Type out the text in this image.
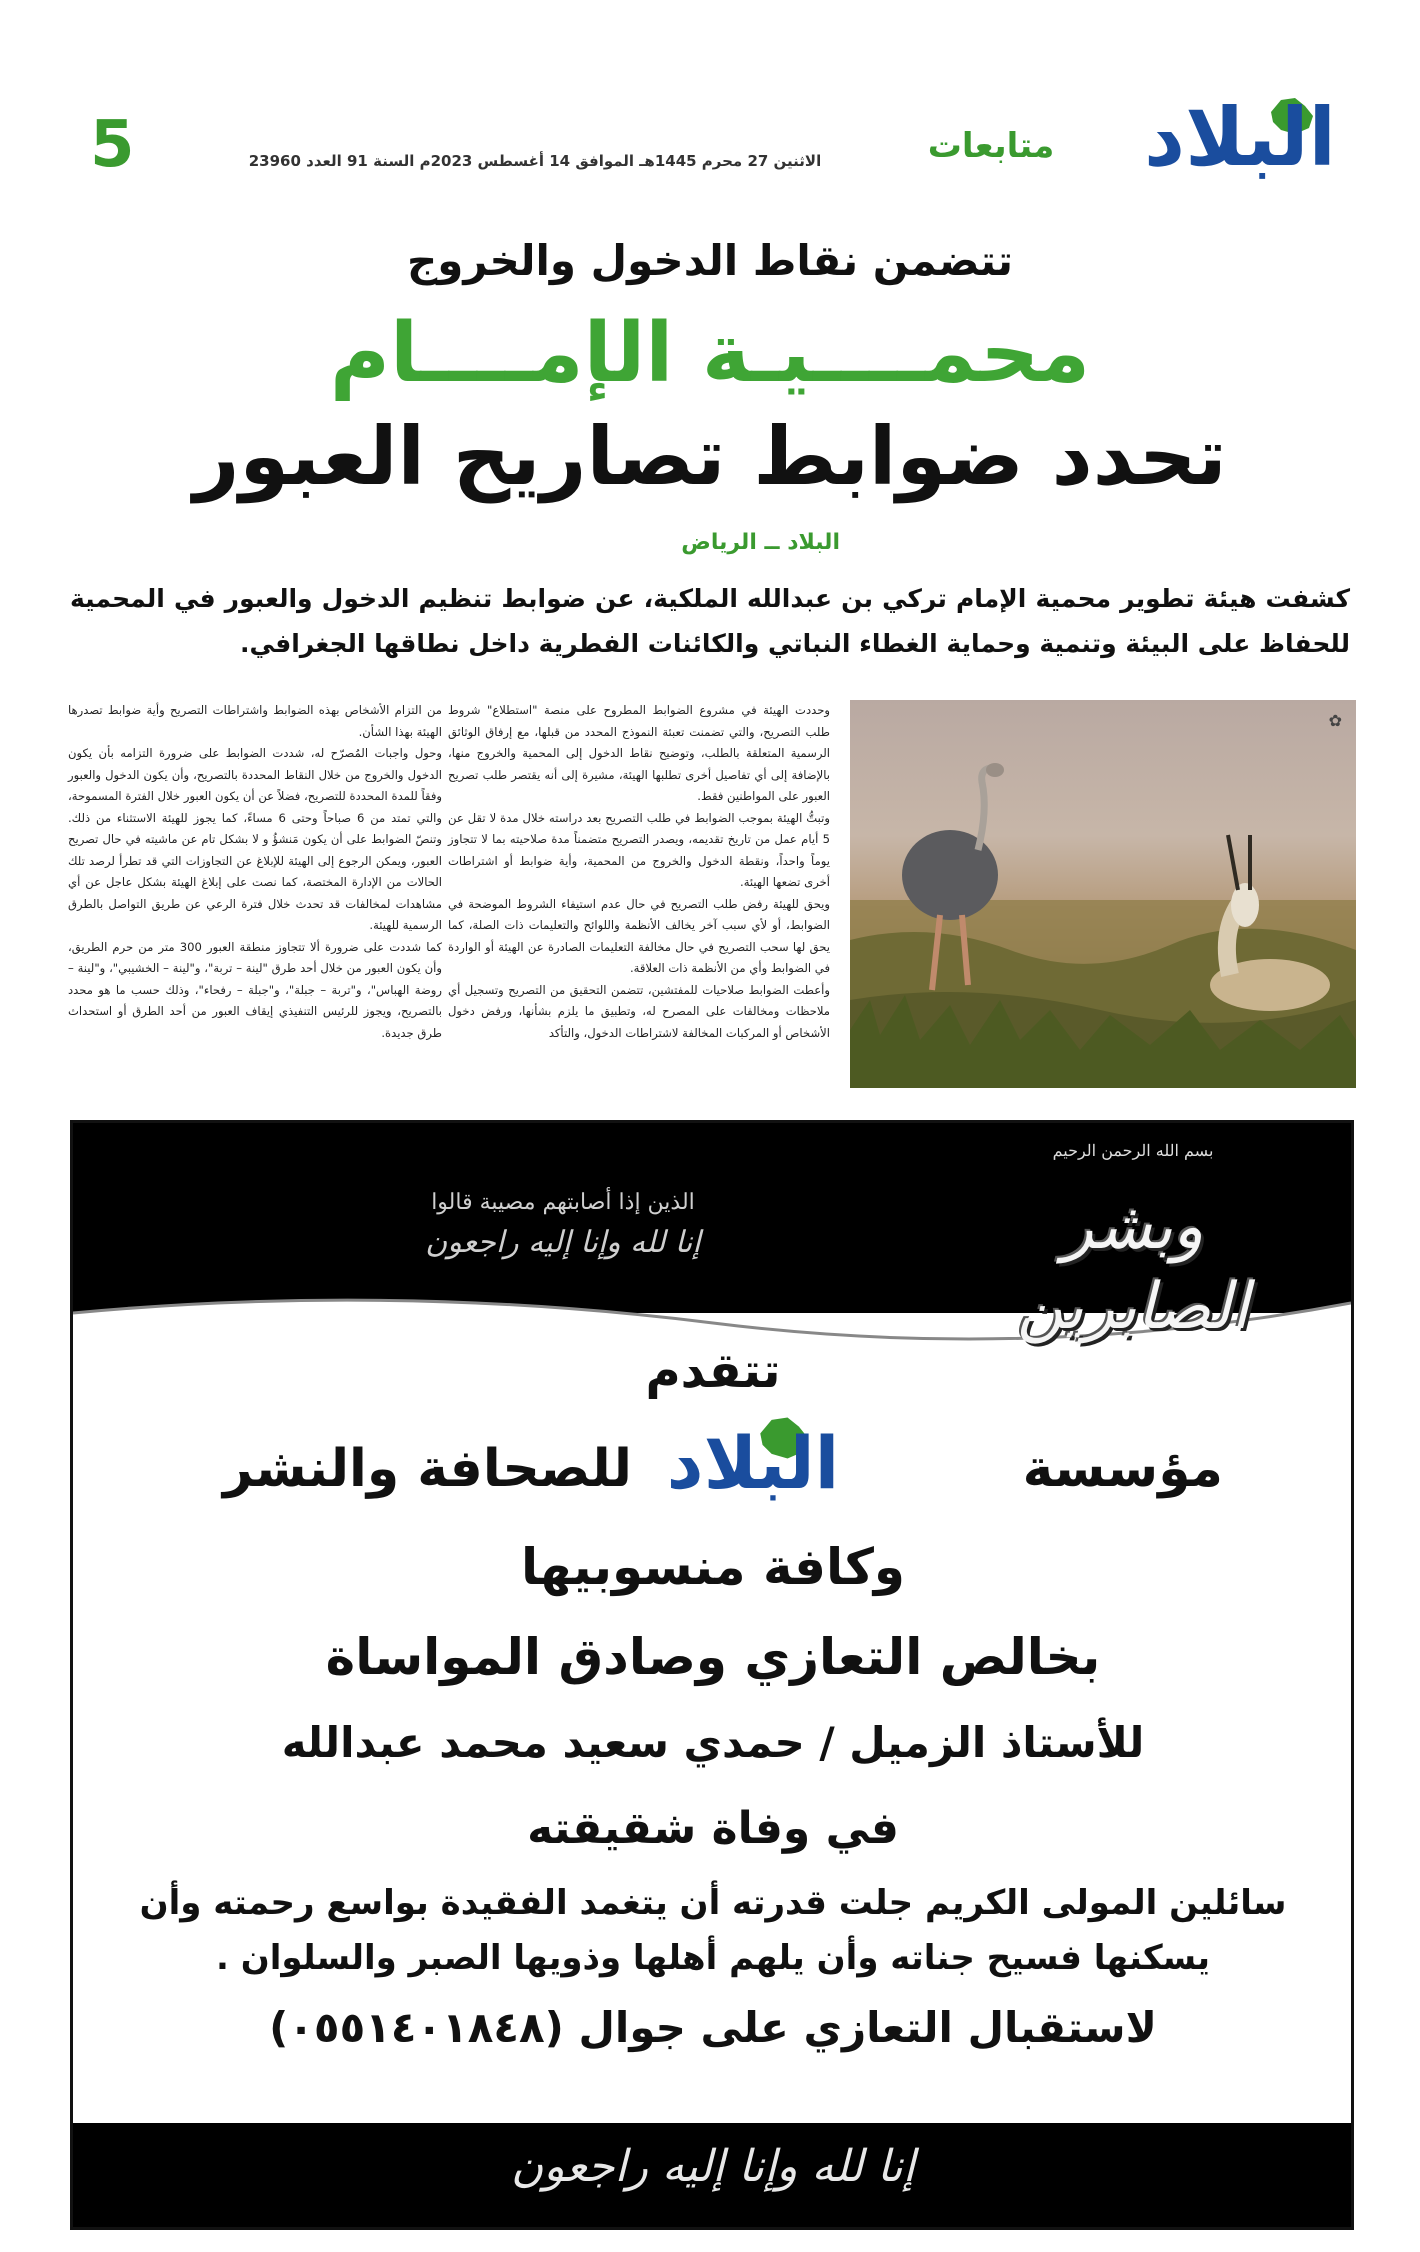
5	الاثنين 27 محرم 1445هـ الموافق 14 أغسطس 2023م السنة 91 العدد 23960	متابعات	البلاد
تتضمن نقاط الدخول والخروج
محمــــيـة الإمــــام
تحدد ضوابط تصاريح العبور
البلاد ــ الرياض
كشفت هيئة تطوير محمية الإمام تركي بن عبدالله الملكية، عن ضوابط تنظيم الدخول والعبور في المحمية للحفاظ على البيئة وتنمية وحماية الغطاء النباتي والكائنات الفطرية داخل نطاقها الجغرافي.
✿

وحددت الهيئة في مشروع الضوابط المطروح على منصة "استطلاع" شروط طلب التصريح، والتي تضمنت تعبئة النموذج المحدد من قبلها، مع إرفاق الوثائق الرسمية المتعلقة بالطلب، وتوضيح نقاط الدخول إلى المحمية والخروج منها، بالإضافة إلى أي تفاصيل أخرى تطلبها الهيئة، مشيرة إلى أنه يقتصر طلب تصريح العبور على المواطنين فقط.

وتبتُّ الهيئة بموجب الضوابط في طلب التصريح بعد دراسته خلال مدة لا تقل عن 5 أيام عمل من تاريخ تقديمه، ويصدر التصريح متضمناً مدة صلاحيته بما لا تتجاوز يوماً واحداً، ونقطة الدخول والخروج من المحمية، وأية ضوابط أو اشتراطات أخرى تضعها الهيئة.

ويحق للهيئة رفض طلب التصريح في حال عدم استيفاء الشروط الموضحة في الضوابط، أو لأي سبب آخر يخالف الأنظمة واللوائح والتعليمات ذات الصلة، كما يحق لها سحب التصريح في حال مخالفة التعليمات الصادرة عن الهيئة أو الواردة في الضوابط وأي من الأنظمة ذات العلاقة.

وأعطت الضوابط صلاحيات للمفتشين، تتضمن التحقيق من التصريح وتسجيل أي ملاحظات ومخالفات على المصرح له، وتطبيق ما يلزم بشأنها، ورفض دخول الأشخاص أو المركبات المخالفة لاشتراطات الدخول، والتأكد

من التزام الأشخاص بهذه الضوابط واشتراطات التصريح وأية ضوابط تصدرها الهيئة بهذا الشأن.

وحول واجبات المُصرّح له، شددت الضوابط على ضرورة التزامه بأن يكون الدخول والخروج من خلال النقاط المحددة بالتصريح، وأن يكون الدخول والعبور وفقاً للمدة المحددة للتصريح، فضلاً عن أن يكون العبور خلال الفترة المسموحة، والتي تمتد من 6 صباحاً وحتى 6 مساءً، كما يجوز للهيئة الاستثناء من ذلك. وتنصّ الضوابط على أن يكون مَنشؤُ و لا بشكل تام عن ماشيته في حال تصريح العبور، ويمكن الرجوع إلى الهيئة للإبلاغ عن التجاوزات التي قد تطرأ لرصد تلك الحالات من الإدارة المختصة، كما نصت على إبلاغ الهيئة بشكل عاجل عن أي مشاهدات لمخالفات قد تحدث خلال فترة الرعي عن طريق التواصل بالطرق الرسمية للهيئة.

كما شددت على ضرورة ألا تتجاوز منطقة العبور 300 متر من حرم الطريق، وأن يكون العبور من خلال أحد طرق "لينة – تربة"، و"لينة – الخشيبي"، و"لينة – روضة الهباس"، و"تربة – جبلة"، و"جبلة – رفحاء"، وذلك حسب ما هو محدد بالتصريح، ويجوز للرئيس التنفيذي إيقاف العبور من أحد الطرق أو استحداث طرق جديدة.

الذين إذا أصابتهم مصيبة قالوا
إنا لله وإنا إليه راجعون
بسم الله الرحمن الرحيم
وبشر الصابرين
تتقدم
مؤسسة
البلاد
للصحافة والنشر
وكافة منسوبيها
بخالص التعازي وصادق المواساة
للأستاذ الزميل / حمدي سعيد محمد عبدالله
في وفاة شقيقته
سائلين المولى الكريم جلت قدرته أن يتغمد الفقيدة بواسع رحمته وأن
يسكنها فسيح جناته وأن يلهم أهلها وذويها الصبر والسلوان .
لاستقبال التعازي على جوال (٠٥٥١٤٠١٨٤٨)
إنا لله وإنا إليه راجعون
